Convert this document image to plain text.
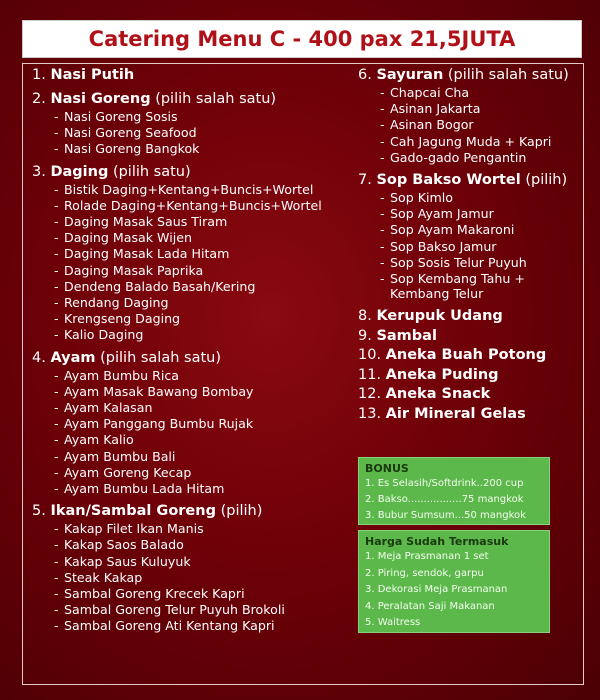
Catering Menu C - 400 pax 21,5JUTA
1. Nasi Putih
2. Nasi Goreng (pilih salah satu)
- Nasi Goreng Sosis
- Nasi Goreng Seafood
- Nasi Goreng Bangkok
3. Daging (pilih satu)
- Bistik Daging+Kentang+Buncis+Wortel
- Rolade Daging+Kentang+Buncis+Wortel
- Daging Masak Saus Tiram
- Daging Masak Wijen
- Daging Masak Lada Hitam
- Daging Masak Paprika
- Dendeng Balado Basah/Kering
- Rendang Daging
- Krengseng Daging
- Kalio Daging
4. Ayam (pilih salah satu)
- Ayam Bumbu Rica
- Ayam Masak Bawang Bombay
- Ayam Kalasan
- Ayam Panggang Bumbu Rujak
- Ayam Kalio
- Ayam Bumbu Bali
- Ayam Goreng Kecap
- Ayam Bumbu Lada Hitam
5. Ikan/Sambal Goreng (pilih)
- Kakap Filet Ikan Manis
- Kakap Saos Balado
- Kakap Saus Kuluyuk
- Steak Kakap
- Sambal Goreng Krecek Kapri
- Sambal Goreng Telur Puyuh Brokoli
- Sambal Goreng Ati Kentang Kapri
6. Sayuran (pilih salah satu)
- Chapcai Cha
- Asinan Jakarta
- Asinan Bogor
- Cah Jagung Muda + Kapri
- Gado-gado Pengantin
7. Sop Bakso Wortel (pilih)
- Sop Kimlo
- Sop Ayam Jamur
- Sop Ayam Makaroni
- Sop Bakso Jamur
- Sop Sosis Telur Puyuh
- Sop Kembang Tahu + Kembang Telur
8. Kerupuk Udang
9. Sambal
10. Aneka Buah Potong
11. Aneka Puding
12. Aneka Snack
13. Air Mineral Gelas
BONUS
1. Es Selasih/Softdrink..200 cup
2. Bakso.................75 mangkok
3. Bubur Sumsum...50 mangkok
Harga Sudah Termasuk
1. Meja Prasmanan 1 set
2. Piring, sendok, garpu
3. Dekorasi Meja Prasmanan
4. Peralatan Saji Makanan
5. Waitress
